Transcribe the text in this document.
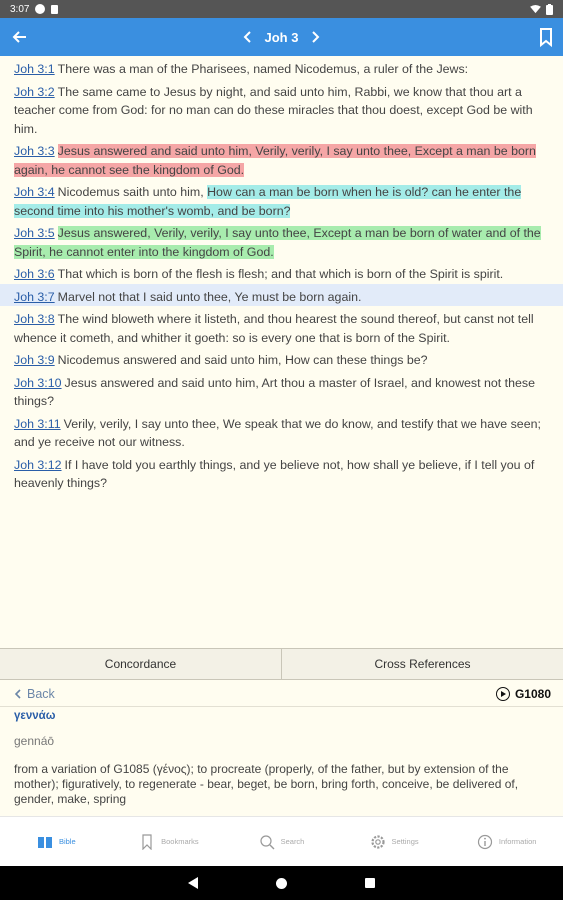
3:07
Joh 3
Joh 3:1 There was a man of the Pharisees, named Nicodemus, a ruler of the Jews:
Joh 3:2 The same came to Jesus by night, and said unto him, Rabbi, we know that thou art a teacher come from God: for no man can do these miracles that thou doest, except God be with him.
Joh 3:3 Jesus answered and said unto him, Verily, verily, I say unto thee, Except a man be born again, he cannot see the kingdom of God.
Joh 3:4 Nicodemus saith unto him, How can a man be born when he is old? can he enter the second time into his mother's womb, and be born?
Joh 3:5 Jesus answered, Verily, verily, I say unto thee, Except a man be born of water and of the Spirit, he cannot enter into the kingdom of God.
Joh 3:6 That which is born of the flesh is flesh; and that which is born of the Spirit is spirit.
Joh 3:7 Marvel not that I said unto thee, Ye must be born again.
Joh 3:8 The wind bloweth where it listeth, and thou hearest the sound thereof, but canst not tell whence it cometh, and whither it goeth: so is every one that is born of the Spirit.
Joh 3:9 Nicodemus answered and said unto him, How can these things be?
Joh 3:10 Jesus answered and said unto him, Art thou a master of Israel, and knowest not these things?
Joh 3:11 Verily, verily, I say unto thee, We speak that we do know, and testify that we have seen; and ye receive not our witness.
Joh 3:12 If I have told you earthly things, and ye believe not, how shall ye believe, if I tell you of heavenly things?
Concordance	Cross References
Back	G1080
γεννάω
gennáō
from a variation of G1085 (γένος); to procreate (properly, of the father, but by extension of the mother); figuratively, to regenerate - bear, beget, be born, bring forth, conceive, be delivered of, gender, make, spring
Bible	Bookmarks	Search	Settings	Information
